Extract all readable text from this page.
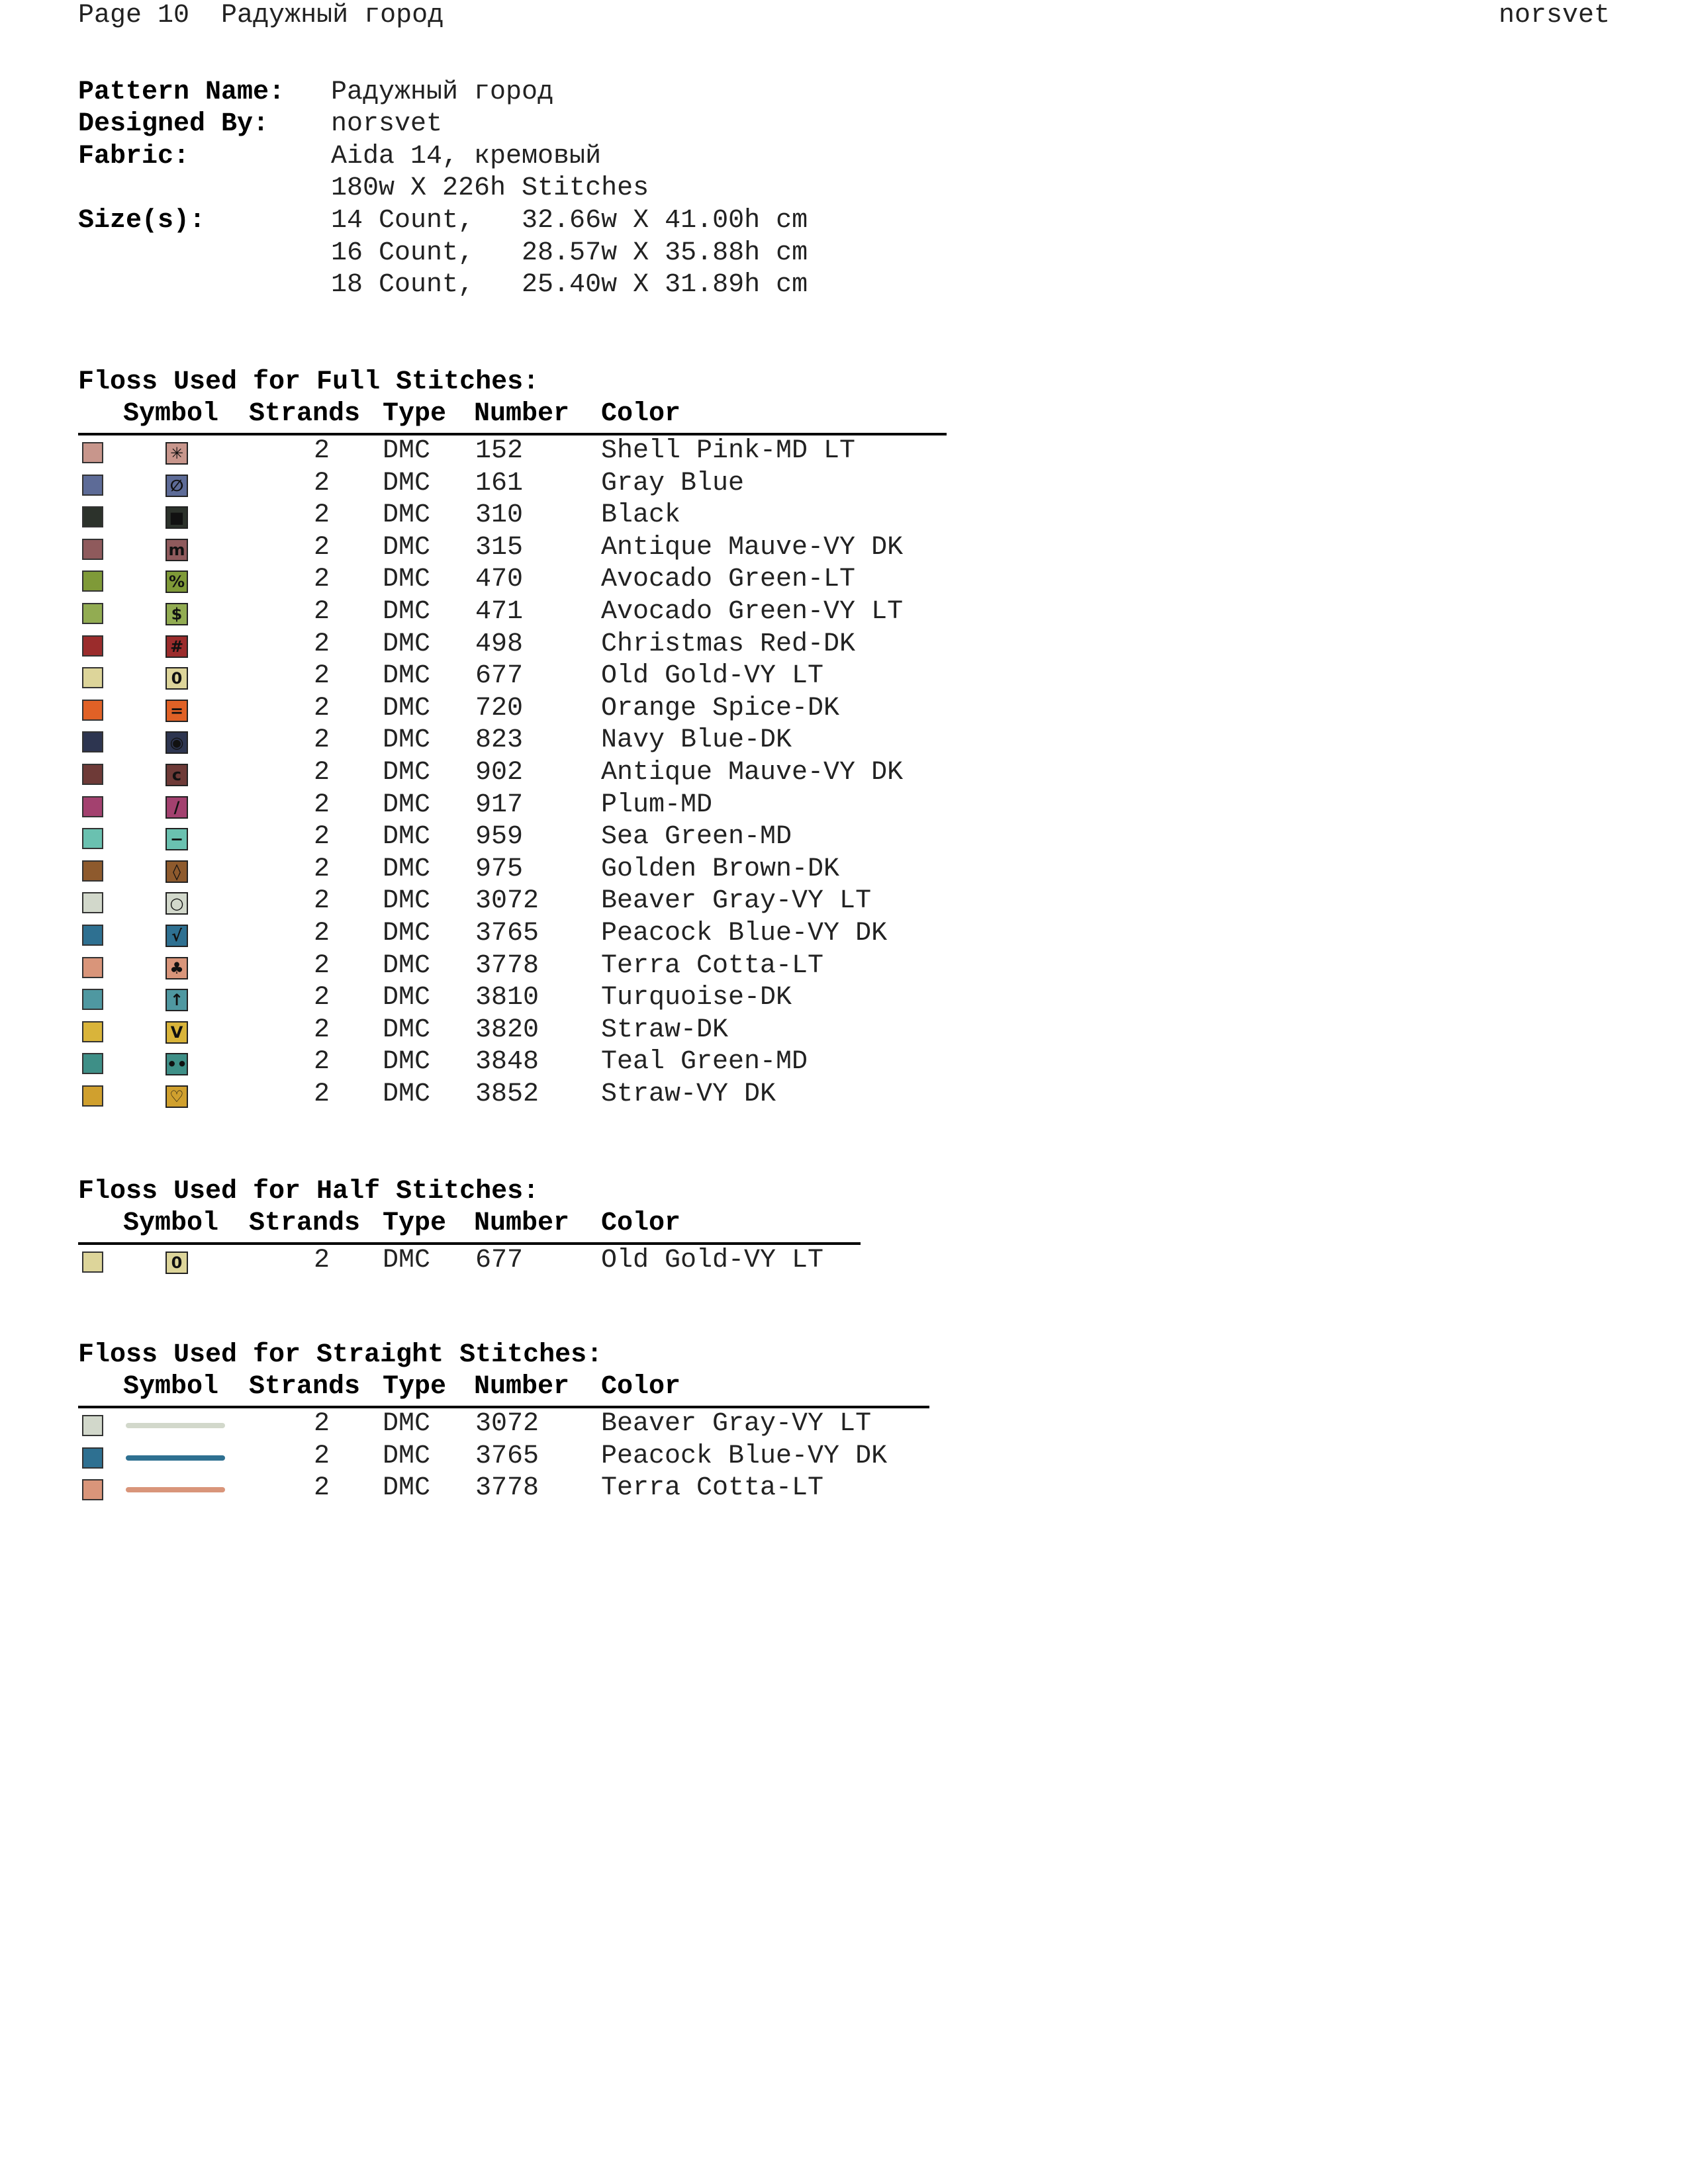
Page 10 Радужный город	norsvet
Pattern Name: Радужный город
Designed By: norsvet
Fabric:	Aida 14, кремовый
180w X 226h Stitches
Size(s):	14 Count,   32.66w X 41.00h cm
16 Count,   28.57w X 35.88h cm
18 Count,   25.40w X 31.89h cm
Floss Used for Full Stitches:
Symbol Strands Type Number Color
✳	2 DMC 152	Shell Pink-MD LT
∅	2 DMC 161	Gray Blue
■	2 DMC 310	Black
m	2 DMC 315	Antique Mauve-VY DK
%	2 DMC 470	Avocado Green-LT
$	2 DMC 471	Avocado Green-VY LT
#	2 DMC 498	Christmas Red-DK
0	2 DMC 677	Old Gold-VY LT
=	2 DMC 720	Orange Spice-DK
◉	2 DMC 823	Navy Blue-DK
c	2 DMC 902	Antique Mauve-VY DK
/	2 DMC 917	Plum-MD
−	2 DMC 959	Sea Green-MD
◊	2 DMC 975	Golden Brown-DK
○	2 DMC 3072 Beaver Gray-VY LT
√	2 DMC 3765 Peacock Blue-VY DK
♣	2 DMC 3778 Terra Cotta-LT
↑	2 DMC 3810 Turquoise-DK
V	2 DMC 3820 Straw-DK
••	2 DMC 3848 Teal Green-MD
♡	2 DMC 3852 Straw-VY DK
Floss Used for Half Stitches:
Symbol Strands Type Number Color
0	2 DMC 677	Old Gold-VY LT
Floss Used for Straight Stitches:
Symbol Strands Type Number Color
2 DMC 3072 Beaver Gray-VY LT
2 DMC 3765 Peacock Blue-VY DK
2 DMC 3778 Terra Cotta-LT
